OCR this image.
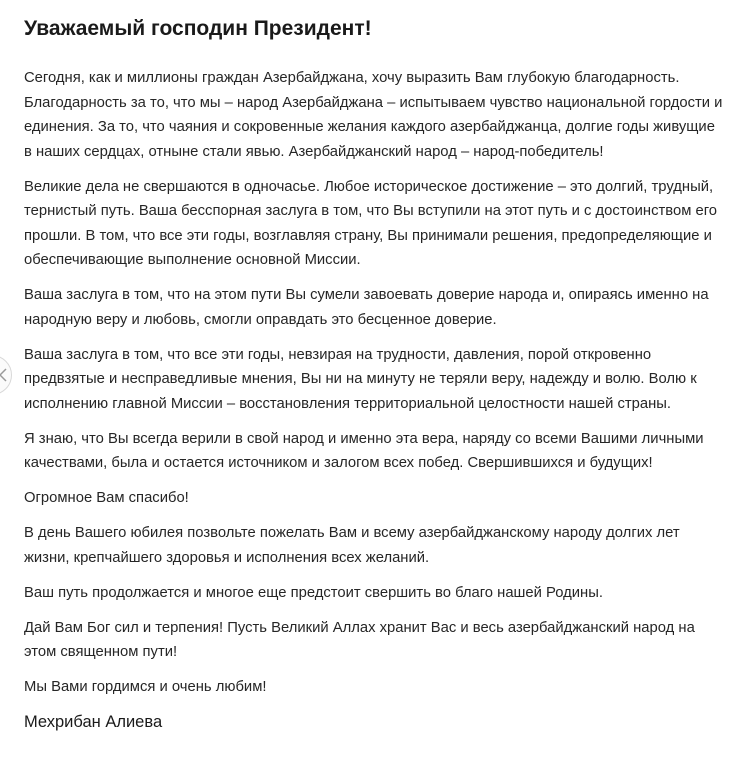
Уважаемый господин Президент!

Сегодня, как и миллионы граждан Азербайджана, хочу выразить Вам глубокую благодарность. Благодарность за то, что мы – народ Азербайджана – испытываем чувство национальной гордости и единения. За то, что чаяния и сокровенные желания каждого азербайджанца, долгие годы живущие в наших сердцах, отныне стали явью. Азербайджанский народ – народ-победитель!

Великие дела не свершаются в одночасье. Любое историческое достижение – это долгий, трудный, тернистый путь. Ваша бесспорная заслуга в том, что Вы вступили на этот путь и с достоинством его прошли. В том, что все эти годы, возглавляя страну, Вы принимали решения, предопределяющие и обеспечивающие выполнение основной Миссии.

Ваша заслуга в том, что на этом пути Вы сумели завоевать доверие народа и, опираясь именно на народную веру и любовь, смогли оправдать это бесценное доверие.

Ваша заслуга в том, что все эти годы, невзирая на трудности, давления, порой откровенно предвзятые и несправедливые мнения, Вы ни на минуту не теряли веру, надежду и волю. Волю к исполнению главной Миссии – восстановления территориальной целостности нашей страны.

Я знаю, что Вы всегда верили в свой народ и именно эта вера, наряду со всеми Вашими личными качествами, была и остается источником и залогом всех побед. Свершившихся и будущих!

Огромное Вам спасибо!

В день Вашего юбилея позвольте пожелать Вам и всему азербайджанскому народу долгих лет жизни, крепчайшего здоровья и исполнения всех желаний.

Ваш путь продолжается и многое еще предстоит свершить во благо нашей Родины.

Дай Вам Бог сил и терпения! Пусть Великий Аллах хранит Вас и весь азербайджанский народ на этом священном пути!

Мы Вами гордимся и очень любим!

Мехрибан Алиева
